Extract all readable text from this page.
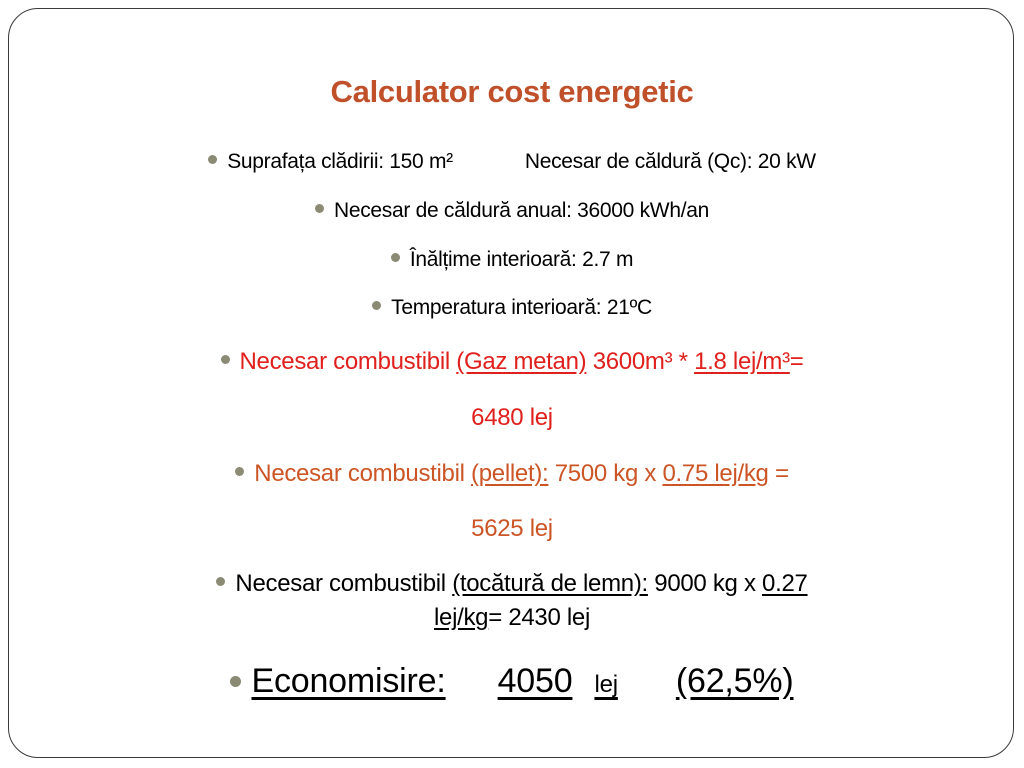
Calculator cost energetic
Suprafața clădirii: 150 m²	Necesar de căldură (Qc): 20 kW
Necesar de căldură anual: 36000 kWh/an
Înălțime interioară: 2.7 m
Temperatura interioară: 21ºC
Necesar combustibil (Gaz metan) 3600m³ * 1.8 lej/m³=
6480 lej
Necesar combustibil (pellet): 7500 kg x 0.75 lej/kg =
5625 lej
Necesar combustibil (tocătură de lemn): 9000 kg x 0.27
lej/kg= 2430 lej
Economisire: 4050 lej (62,5%)
